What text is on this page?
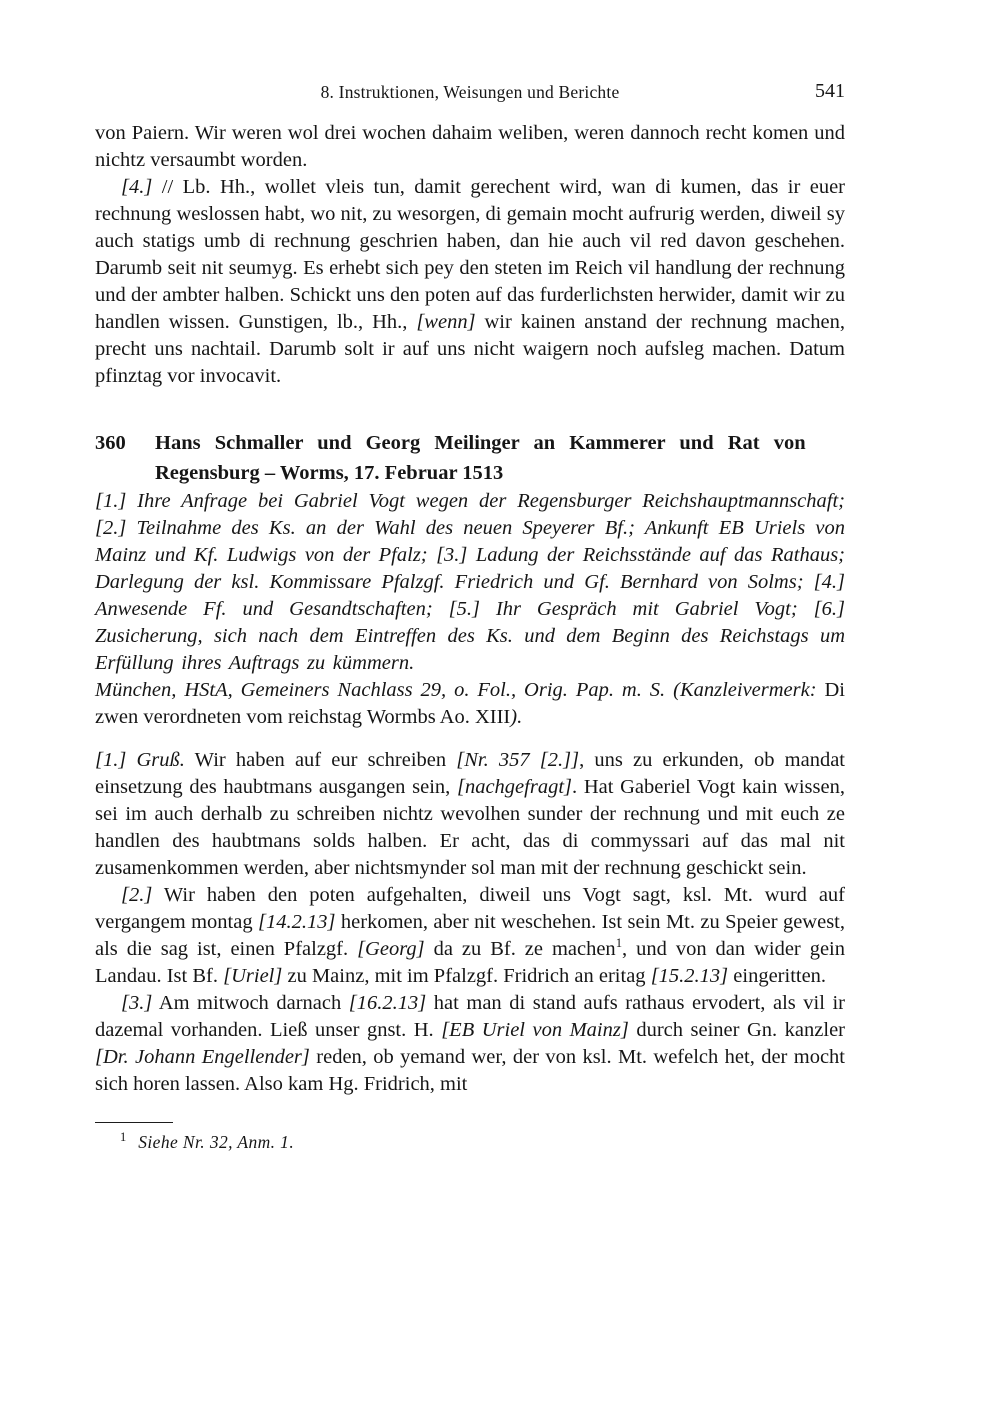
8. Instruktionen, Weisungen und Berichte	541

von Paiern. Wir weren wol drei wochen dahaim weliben, weren dannoch recht komen und nichtz versaumbt worden.

[4.] // Lb. Hh., wollet vleis tun, damit gerechent wird, wan di kumen, das ir euer rechnung weslossen habt, wo nit, zu wesorgen, di gemain mocht aufrurig werden, diweil sy auch statigs umb di rechnung geschrien haben, dan hie auch vil red davon geschehen. Darumb seit nit seumyg. Es erhebt sich pey den steten im Reich vil handlung der rechnung und der ambter halben. Schickt uns den poten auf das furderlichsten herwider, damit wir zu handlen wissen. Gunstigen, lb., Hh., [wenn] wir kainen anstand der rechnung machen, precht uns nachtail. Darumb solt ir auf uns nicht waigern noch aufsleg machen. Datum pfinztag vor invocavit.

360	Hans Schmaller und Georg Meilinger an Kammerer und Rat von
Regensburg – Worms, 17. Februar 1513

[1.] Ihre Anfrage bei Gabriel Vogt wegen der Regensburger Reichshauptmannschaft; [2.] Teilnahme des Ks. an der Wahl des neuen Speyerer Bf.; Ankunft EB Uriels von Mainz und Kf. Ludwigs von der Pfalz; [3.] Ladung der Reichsstände auf das Rathaus; Darlegung der ksl. Kommissare Pfalzgf. Friedrich und Gf. Bernhard von Solms; [4.] Anwesende Ff. und Gesandtschaften; [5.] Ihr Gespräch mit Gabriel Vogt; [6.] Zusicherung, sich nach dem Eintreffen des Ks. und dem Beginn des Reichstags um Erfüllung ihres Auftrags zu kümmern.

München, HStA, Gemeiners Nachlass 29, o. Fol., Orig. Pap. m. S. (Kanzleivermerk: Di zwen verordneten vom reichstag Wormbs Ao. XIII).

[1.] Gruß. Wir haben auf eur schreiben [Nr. 357 [2.]], uns zu erkunden, ob mandat einsetzung des haubtmans ausgangen sein, [nachgefragt]. Hat Gaberiel Vogt kain wissen, sei im auch derhalb zu schreiben nichtz wevolhen sunder der rechnung und mit euch ze handlen des haubtmans solds halben. Er acht, das di commyssari auf das mal nit zusamenkommen werden, aber nichtsmynder sol man mit der rechnung geschickt sein.

[2.] Wir haben den poten aufgehalten, diweil uns Vogt sagt, ksl. Mt. wurd auf vergangem montag [14.2.13] herkomen, aber nit weschehen. Ist sein Mt. zu Speier gewest, als die sag ist, einen Pfalzgf. [Georg] da zu Bf. ze machen$^1$, und von dan wider gein Landau. Ist Bf. [Uriel] zu Mainz, mit im Pfalzgf. Fridrich an eritag [15.2.13] eingeritten.

[3.] Am mitwoch darnach [16.2.13] hat man di stand aufs rathaus ervodert, als vil ir dazemal vorhanden. Ließ unser gnst. H. [EB Uriel von Mainz] durch seiner Gn. kanzler [Dr. Johann Engellender] reden, ob yemand wer, der von ksl. Mt. wefelch het, der mocht sich horen lassen. Also kam Hg. Fridrich, mit

$^1$ Siehe Nr. 32, Anm. 1.
